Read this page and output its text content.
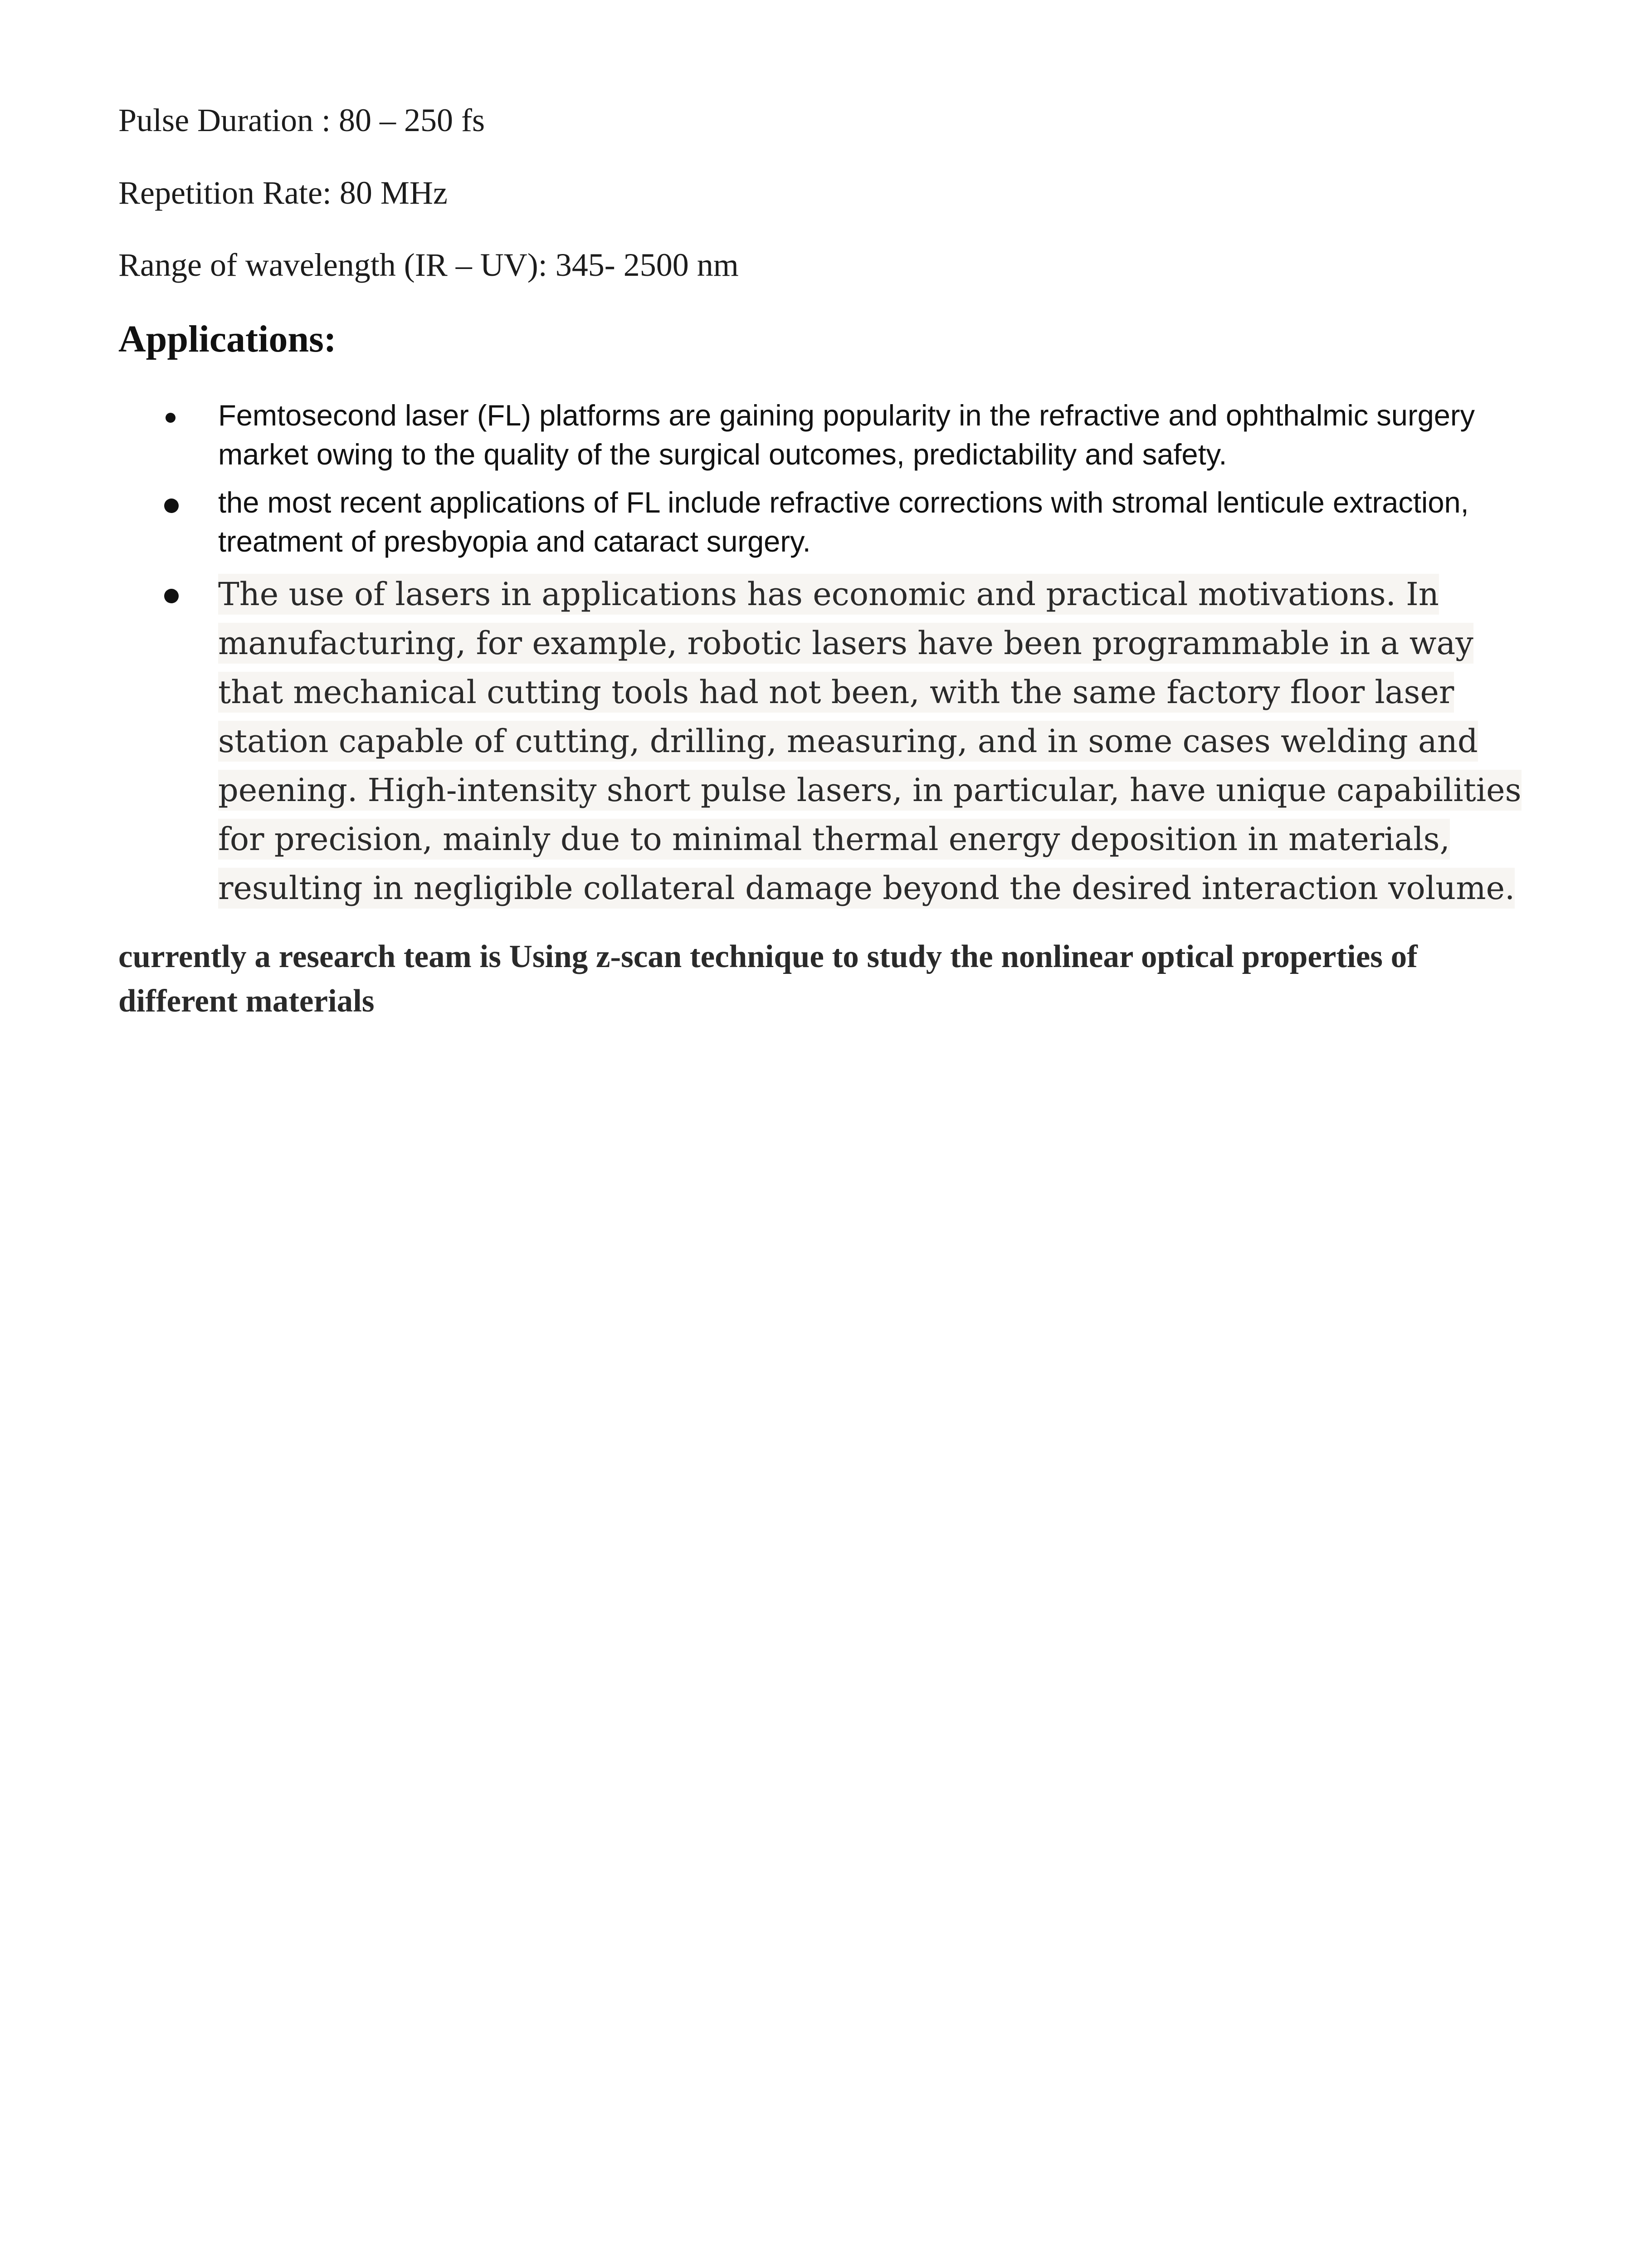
Pulse Duration : 80 – 250 fs

Repetition Rate: 80 MHz

Range of wavelength (IR – UV): 345- 2500 nm

Applications:

Femtosecond laser (FL) platforms are gaining popularity in the refractive and ophthalmic surgery market owing to the quality of the surgical outcomes, predictability and safety.

the most recent applications of FL include refractive corrections with stromal lenticule extraction, treatment of presbyopia and cataract surgery.

The use of lasers in applications has economic and practical motivations. In manufacturing, for example, robotic lasers have been programmable in a way that mechanical cutting tools had not been, with the same factory floor laser station capable of cutting, drilling, measuring, and in some cases welding and peening. High-intensity short pulse lasers, in particular, have unique capabilities for precision, mainly due to minimal thermal energy deposition in materials, resulting in negligible collateral damage beyond the desired interaction volume.

currently a research team is Using z-scan technique to study the nonlinear optical properties of different materials
